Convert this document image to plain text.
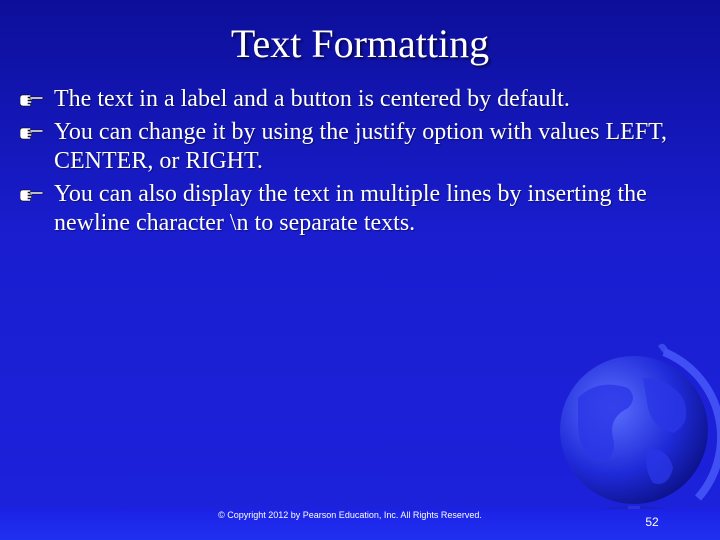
Text Formatting
The text in a label and a button is centered by default.
You can change it by using the justify option with values LEFT, CENTER, or RIGHT.
You can also display the text in multiple lines by inserting the newline character \n to separate texts.
© Copyright 2012 by Pearson Education, Inc. All Rights Reserved.	52
